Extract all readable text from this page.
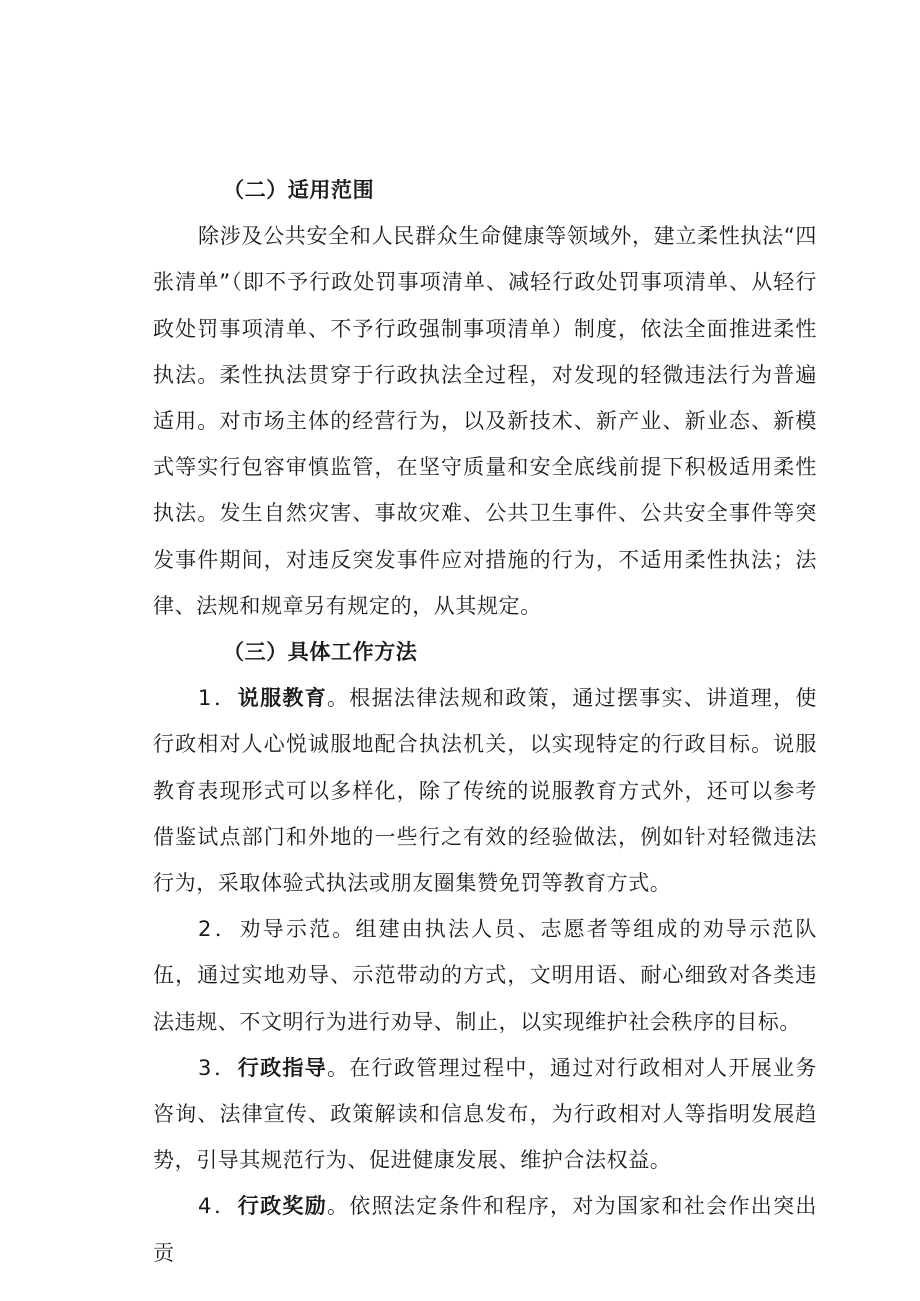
（二）适用范围

除涉及公共安全和人民群众生命健康等领域外，建立柔性执法“四张清单”（即不予行政处罚事项清单、减轻行政处罚事项清单、从轻行政处罚事项清单、不予行政强制事项清单）制度，依法全面推进柔性执法。柔性执法贯穿于行政执法全过程，对发现的轻微违法行为普遍适用。对市场主体的经营行为，以及新技术、新产业、新业态、新模式等实行包容审慎监管，在坚守质量和安全底线前提下积极适用柔性执法。发生自然灾害、事故灾难、公共卫生事件、公共安全事件等突发事件期间，对违反突发事件应对措施的行为，不适用柔性执法；法律、法规和规章另有规定的，从其规定。

（三）具体工作方法

1．说服教育。根据法律法规和政策，通过摆事实、讲道理，使行政相对人心悦诚服地配合执法机关，以实现特定的行政目标。说服教育表现形式可以多样化，除了传统的说服教育方式外，还可以参考借鉴试点部门和外地的一些行之有效的经验做法，例如针对轻微违法行为，采取体验式执法或朋友圈集赞免罚等教育方式。

2．劝导示范。组建由执法人员、志愿者等组成的劝导示范队伍，通过实地劝导、示范带动的方式，文明用语、耐心细致对各类违法违规、不文明行为进行劝导、制止，以实现维护社会秩序的目标。

3．行政指导。在行政管理过程中，通过对行政相对人开展业务咨询、法律宣传、政策解读和信息发布，为行政相对人等指明发展趋势，引导其规范行为、促进健康发展、维护合法权益。

4．行政奖励。依照法定条件和程序，对为国家和社会作出突出贡
